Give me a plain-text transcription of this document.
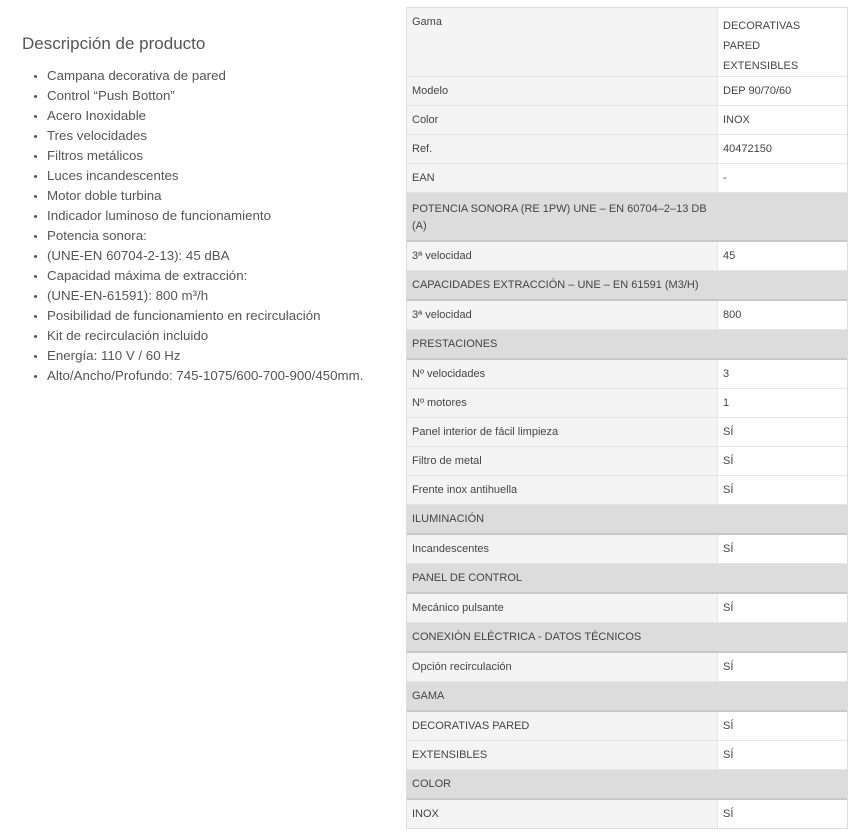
Descripción de producto
• Campana decorativa de pared
• Control “Push Botton”
• Acero Inoxidable
• Tres velocidades
• Filtros metálicos
• Luces incandescentes
• Motor doble turbina
• Indicador luminoso de funcionamiento
• Potencia sonora:
• (UNE-EN 60704-2-13): 45 dBA
• Capacidad máxima de extracción:
• (UNE-EN-61591): 800 m³/h
• Posibilidad de funcionamiento en recirculación
• Kit de recirculación incluido
• Energía: 110 V / 60 Hz
• Alto/Ancho/Profundo: 745-1075/600-700-900/450mm.
Gama	DECORATIVAS
PARED
EXTENSIBLES
Modelo	DEP 90/70/60
Color	INOX
Ref.	40472150
EAN	-
POTENCIA SONORA (RE 1PW) UNE – EN 60704–2–13 DB (A)
3ª velocidad	45
CAPACIDADES EXTRACCIÓN – UNE – EN 61591 (M3/H)
3ª velocidad	800
PRESTACIONES
Nº velocidades	3
Nº motores	1
Panel interior de fácil limpieza	SÍ
Filtro de metal	SÍ
Frente inox antihuella	SÍ
ILUMINACIÓN
Incandescentes	SÍ
PANEL DE CONTROL
Mecánico pulsante	SÍ
CONEXIÓN ELÉCTRICA - DATOS TÉCNICOS
Opción recirculación	SÍ
GAMA
DECORATIVAS PARED	SÍ
EXTENSIBLES	SÍ
COLOR
INOX	SÍ
